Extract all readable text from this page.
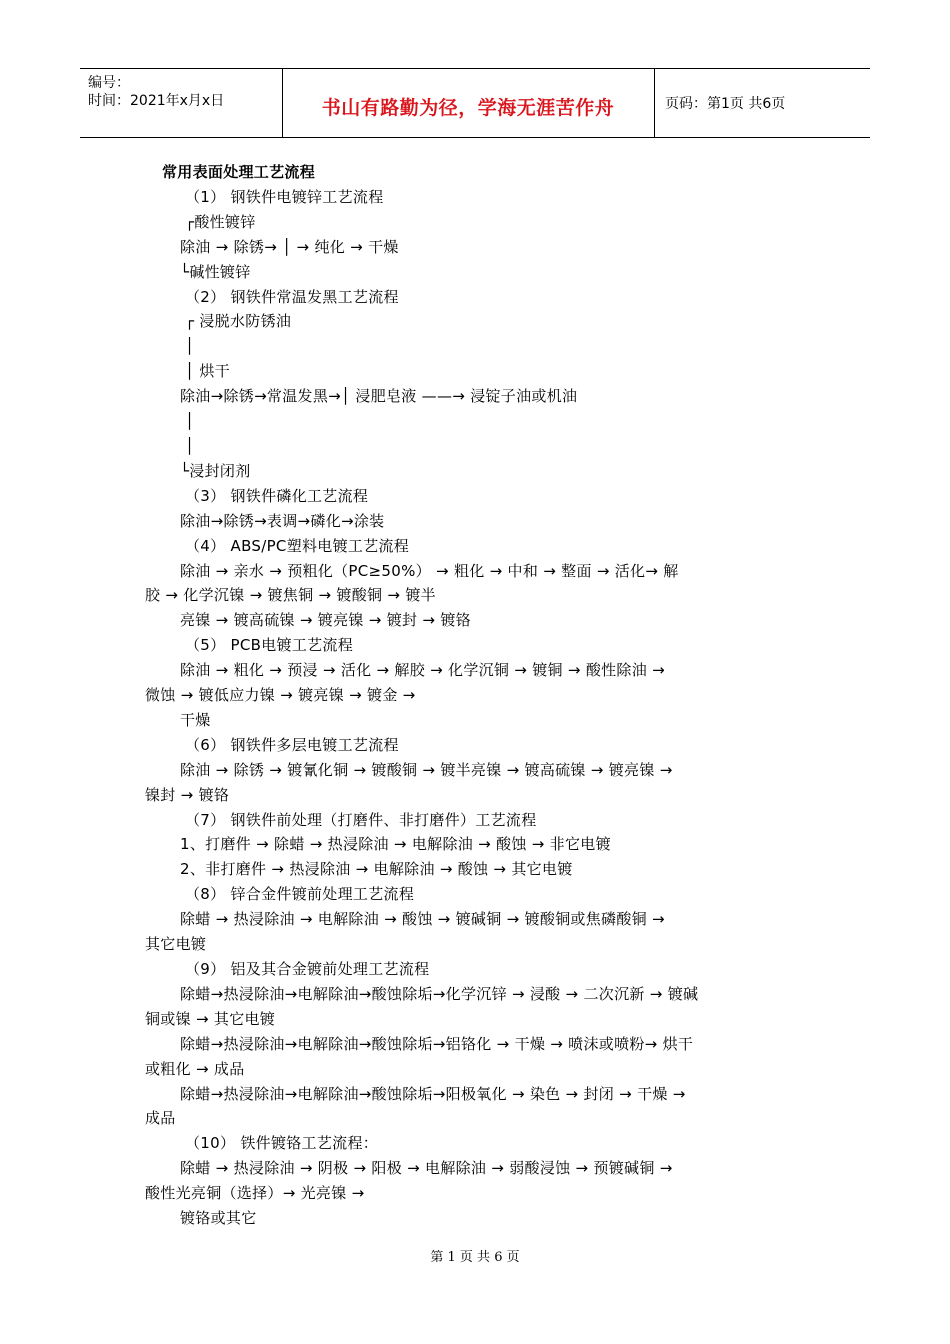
编号：
时间：2021年x月x日	书山有路勤为径，学海无涯苦作舟	页码：第1页 共6页
常用表面处理工艺流程
（1） 钢铁件电镀锌工艺流程
┌酸性镀锌
除油 → 除锈→ │ → 纯化 → 干燥
└碱性镀锌
（2） 钢铁件常温发黑工艺流程
┌ 浸脱水防锈油
│
│ 烘干
除油→除锈→常温发黑→│ 浸肥皂液 ——→ 浸锭子油或机油
│
│
└浸封闭剂
（3） 钢铁件磷化工艺流程
除油→除锈→表调→磷化→涂装
（4） ABS/PC塑料电镀工艺流程
除油 → 亲水 → 预粗化（PC≥50%） → 粗化 → 中和 → 整面 → 活化→ 解
胶 → 化学沉镍 → 镀焦铜 → 镀酸铜 → 镀半
亮镍 → 镀高硫镍 → 镀亮镍 → 镀封 → 镀铬
（5） PCB电镀工艺流程
除油 → 粗化 → 预浸 → 活化 → 解胶 → 化学沉铜 → 镀铜 → 酸性除油 →
微蚀 → 镀低应力镍 → 镀亮镍 → 镀金 →
干燥
（6） 钢铁件多层电镀工艺流程
除油 → 除锈 → 镀氰化铜 → 镀酸铜 → 镀半亮镍 → 镀高硫镍 → 镀亮镍 →
镍封 → 镀铬
（7） 钢铁件前处理（打磨件、非打磨件）工艺流程
1、打磨件 → 除蜡 → 热浸除油 → 电解除油 → 酸蚀 → 非它电镀
2、非打磨件 → 热浸除油 → 电解除油 → 酸蚀 → 其它电镀
（8） 锌合金件镀前处理工艺流程
除蜡 → 热浸除油 → 电解除油 → 酸蚀 → 镀碱铜 → 镀酸铜或焦磷酸铜 →
其它电镀
（9） 铝及其合金镀前处理工艺流程
除蜡→热浸除油→电解除油→酸蚀除垢→化学沉锌 → 浸酸 → 二次沉新 → 镀碱
铜或镍 → 其它电镀
除蜡→热浸除油→电解除油→酸蚀除垢→铝铬化 → 干燥 → 喷沫或喷粉→ 烘干
或粗化 → 成品
除蜡→热浸除油→电解除油→酸蚀除垢→阳极氧化 → 染色 → 封闭 → 干燥 →
成品
（10） 铁件镀铬工艺流程：
除蜡 → 热浸除油 → 阴极 → 阳极 → 电解除油 → 弱酸浸蚀 → 预镀碱铜 →
酸性光亮铜（选择）→ 光亮镍 →
镀铬或其它
第 1 页 共 6 页
